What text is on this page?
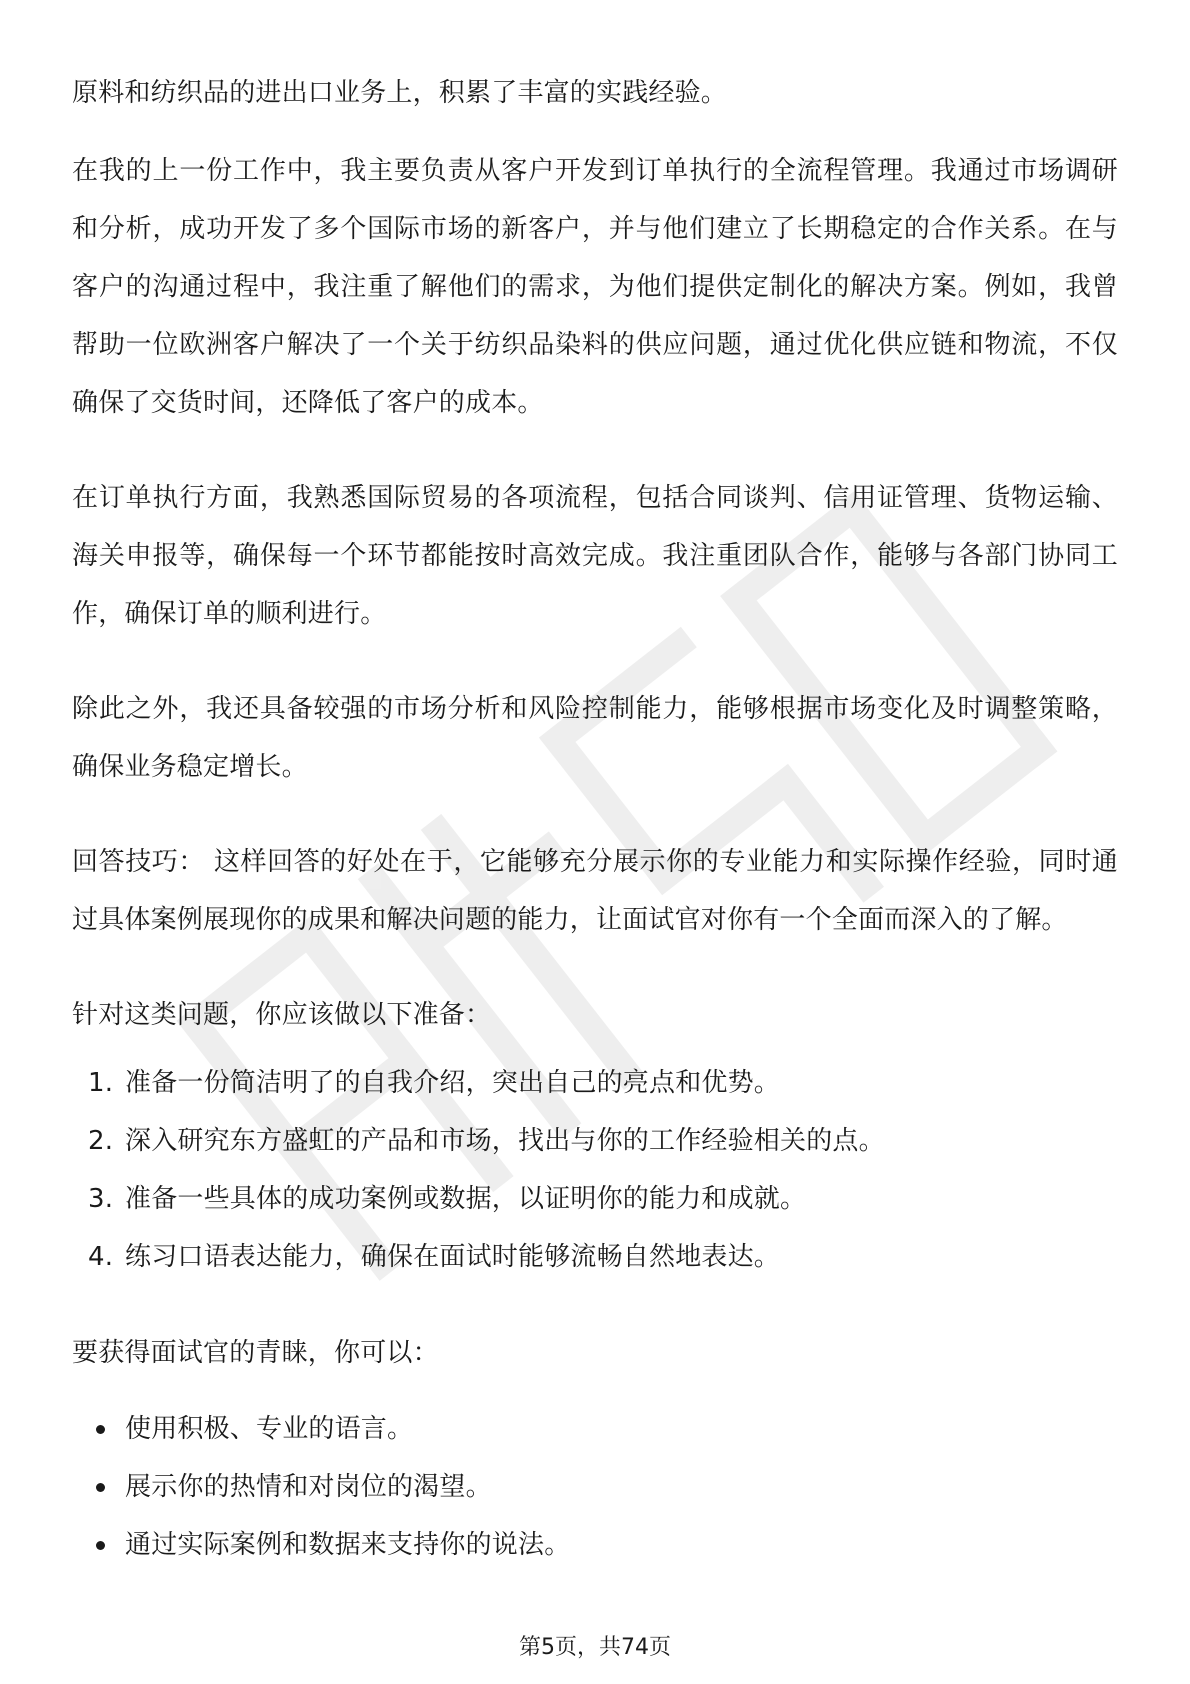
原料和纺织品的进出口业务上，积累了丰富的实践经验。

在我的上一份工作中，我主要负责从客户开发到订单执行的全流程管理。我通过市场调研和分析，成功开发了多个国际市场的新客户，并与他们建立了长期稳定的合作关系。在与客户的沟通过程中，我注重了解他们的需求，为他们提供定制化的解决方案。例如，我曾帮助一位欧洲客户解决了一个关于纺织品染料的供应问题，通过优化供应链和物流，不仅确保了交货时间，还降低了客户的成本。

在订单执行方面，我熟悉国际贸易的各项流程，包括合同谈判、信用证管理、货物运输、海关申报等，确保每一个环节都能按时高效完成。我注重团队合作，能够与各部门协同工作，确保订单的顺利进行。

除此之外，我还具备较强的市场分析和风险控制能力，能够根据市场变化及时调整策略，确保业务稳定增长。

回答技巧： 这样回答的好处在于，它能够充分展示你的专业能力和实际操作经验，同时通过具体案例展现你的成果和解决问题的能力，让面试官对你有一个全面而深入的了解。

针对这类问题，你应该做以下准备：

1. 准备一份简洁明了的自我介绍，突出自己的亮点和优势。
2. 深入研究东方盛虹的产品和市场，找出与你的工作经验相关的点。
3. 准备一些具体的成功案例或数据，以证明你的能力和成就。
4. 练习口语表达能力，确保在面试时能够流畅自然地表达。

要获得面试官的青睐，你可以：

使用积极、专业的语言。
展示你的热情和对岗位的渴望。
通过实际案例和数据来支持你的说法。
第5页，共74页
